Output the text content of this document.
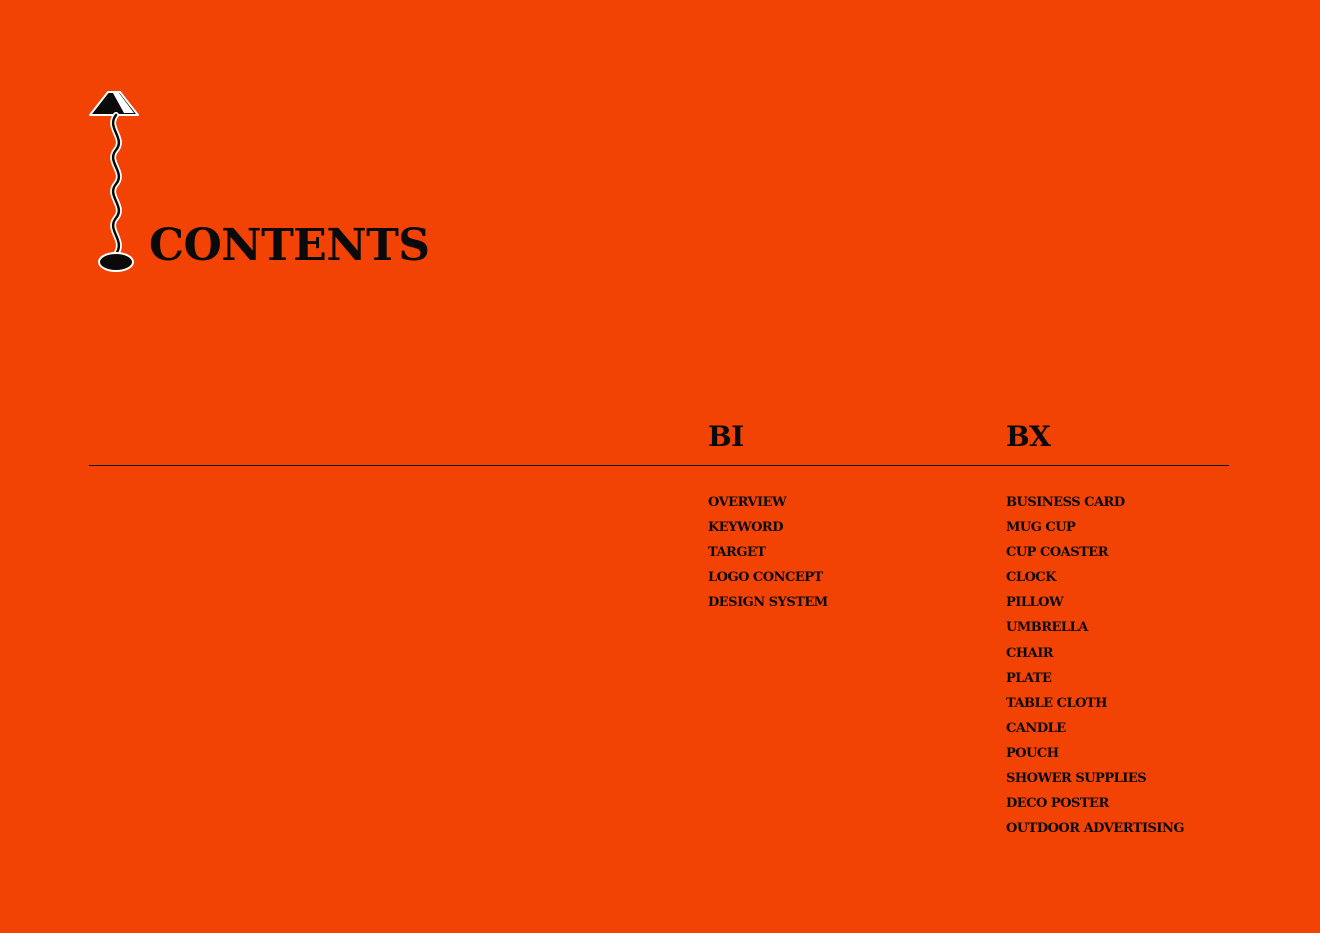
CONTENTS
BI	BX
OVERVIEW
KEYWORD
TARGET
LOGO CONCEPT
DESIGN SYSTEM
BUSINESS CARD
MUG CUP
CUP COASTER
CLOCK
PILLOW
UMBRELLA
CHAIR
PLATE
TABLE CLOTH
CANDLE
POUCH
SHOWER SUPPLIES
DECO POSTER
OUTDOOR ADVERTISING
